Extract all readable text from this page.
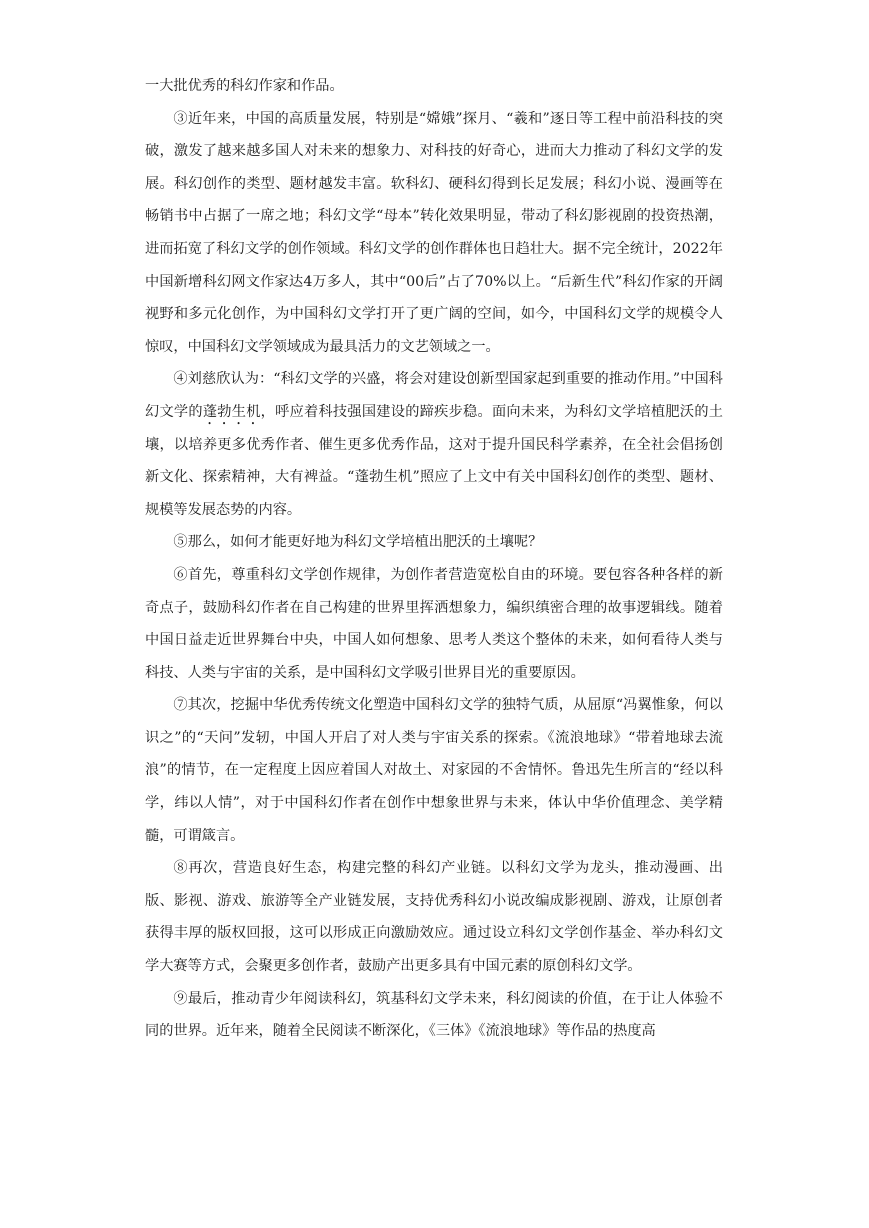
一大批优秀的科幻作家和作品。

③近年来，中国的高质量发展，特别是“嫦娥”探月、“羲和”逐日等工程中前沿科技的突破，激发了越来越多国人对未来的想象力、对科技的好奇心，进而大力推动了科幻文学的发展。科幻创作的类型、题材越发丰富。软科幻、硬科幻得到长足发展；科幻小说、漫画等在畅销书中占据了一席之地；科幻文学“母本”转化效果明显，带动了科幻影视剧的投资热潮，进而拓宽了科幻文学的创作领域。科幻文学的创作群体也日趋壮大。据不完全统计，2022年中国新增科幻网文作家达4万多人，其中“00后”占了70%以上。“后新生代”科幻作家的开阔视野和多元化创作，为中国科幻文学打开了更广阔的空间，如今，中国科幻文学的规模令人惊叹，中国科幻文学领域成为最具活力的文艺领域之一。

④刘慈欣认为：“科幻文学的兴盛，将会对建设创新型国家起到重要的推动作用。”中国科幻文学的蓬勃生机，呼应着科技强国建设的蹄疾步稳。面向未来，为科幻文学培植肥沃的土壤，以培养更多优秀作者、催生更多优秀作品，这对于提升国民科学素养，在全社会倡扬创新文化、探索精神，大有裨益。“蓬勃生机”照应了上文中有关中国科幻创作的类型、题材、规模等发展态势的内容。

⑤那么，如何才能更好地为科幻文学培植出肥沃的土壤呢？

⑥首先，尊重科幻文学创作规律，为创作者营造宽松自由的环境。要包容各种各样的新奇点子，鼓励科幻作者在自己构建的世界里挥洒想象力，编织缜密合理的故事逻辑线。随着中国日益走近世界舞台中央，中国人如何想象、思考人类这个整体的未来，如何看待人类与科技、人类与宇宙的关系，是中国科幻文学吸引世界目光的重要原因。

⑦其次，挖掘中华优秀传统文化塑造中国科幻文学的独特气质，从屈原“冯翼惟象，何以识之”的“天问”发轫，中国人开启了对人类与宇宙关系的探索。《流浪地球》“带着地球去流浪”的情节，在一定程度上因应着国人对故土、对家园的不舍情怀。鲁迅先生所言的“经以科学，纬以人情”，对于中国科幻作者在创作中想象世界与未来，体认中华价值理念、美学精髓，可谓箴言。

⑧再次，营造良好生态，构建完整的科幻产业链。以科幻文学为龙头，推动漫画、出版、影视、游戏、旅游等全产业链发展，支持优秀科幻小说改编成影视剧、游戏，让原创者获得丰厚的版权回报，这可以形成正向激励效应。通过设立科幻文学创作基金、举办科幻文学大赛等方式，会聚更多创作者，鼓励产出更多具有中国元素的原创科幻文学。

⑨最后，推动青少年阅读科幻，筑基科幻文学未来，科幻阅读的价值，在于让人体验不同的世界。近年来，随着全民阅读不断深化，《三体》《流浪地球》等作品的热度高
